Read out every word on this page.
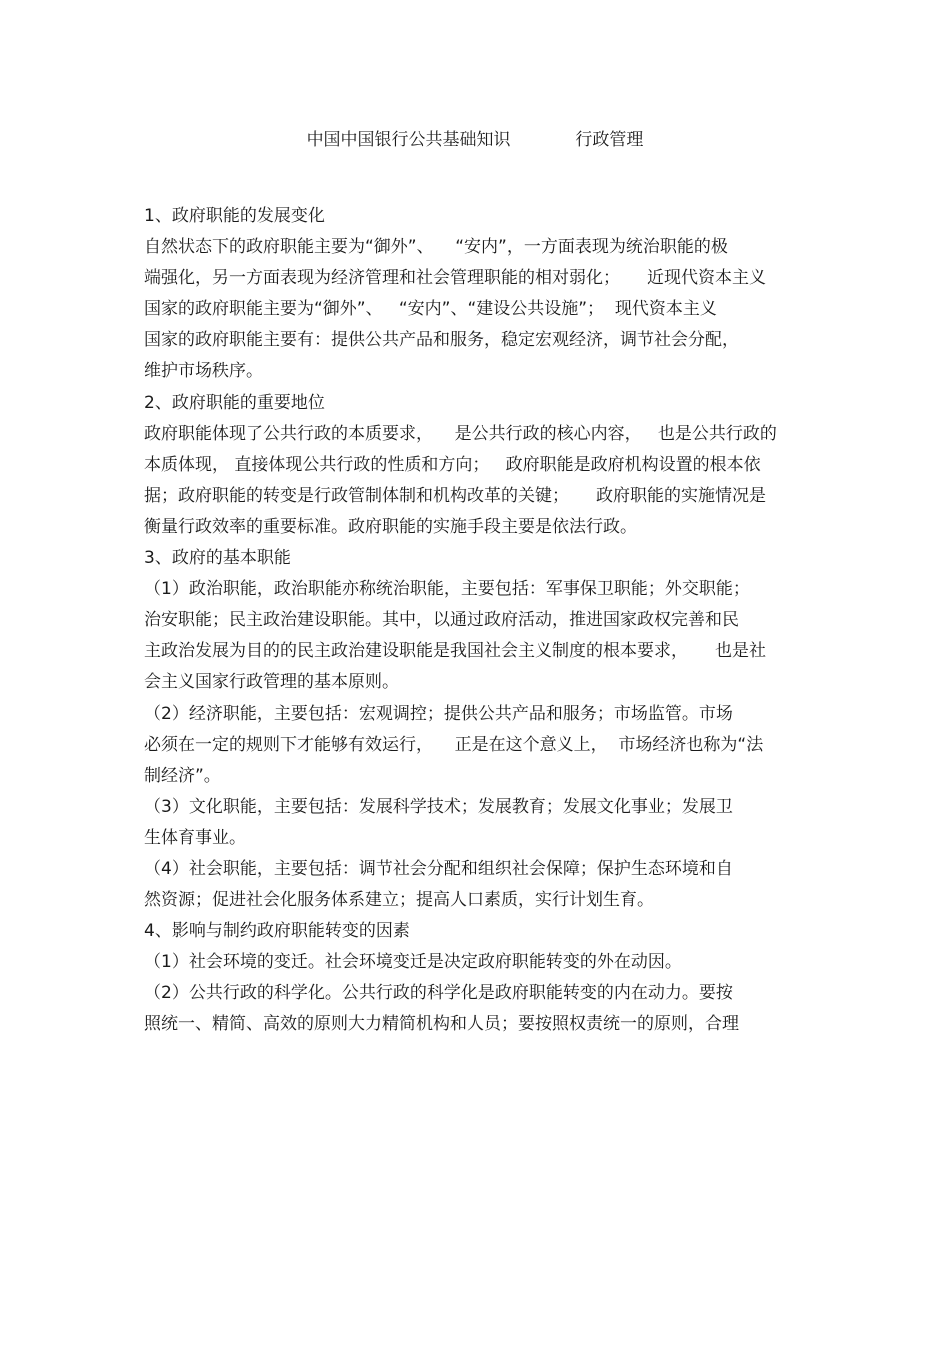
中国中国银行公共基础知识            行政管理
1、政府职能的发展变化
自然状态下的政府职能主要为“御外”、    “安内”，一方面表现为统治职能的极
端强化，另一方面表现为经济管理和社会管理职能的相对弱化；     近现代资本主义
国家的政府职能主要为“御外”、   “安内”、“建设公共设施”；  现代资本主义
国家的政府职能主要有：提供公共产品和服务，稳定宏观经济，调节社会分配，
维护市场秩序。
2、政府职能的重要地位
政府职能体现了公共行政的本质要求，    是公共行政的核心内容，   也是公共行政的
本质体现， 直接体现公共行政的性质和方向；   政府职能是政府机构设置的根本依
据；政府职能的转变是行政管制体制和机构改革的关键；     政府职能的实施情况是
衡量行政效率的重要标准。政府职能的实施手段主要是依法行政。
3、政府的基本职能
（1）政治职能，政治职能亦称统治职能，主要包括：军事保卫职能；外交职能；
治安职能；民主政治建设职能。其中，以通过政府活动，推进国家政权完善和民
主政治发展为目的的民主政治建设职能是我国社会主义制度的根本要求，     也是社
会主义国家行政管理的基本原则。
（2）经济职能，主要包括：宏观调控；提供公共产品和服务；市场监管。市场
必须在一定的规则下才能够有效运行，    正是在这个意义上，  市场经济也称为“法
制经济”。
（3）文化职能，主要包括：发展科学技术；发展教育；发展文化事业；发展卫
生体育事业。
（4）社会职能，主要包括：调节社会分配和组织社会保障；保护生态环境和自
然资源；促进社会化服务体系建立；提高人口素质，实行计划生育。
4、影响与制约政府职能转变的因素
（1）社会环境的变迁。社会环境变迁是决定政府职能转变的外在动因。
（2）公共行政的科学化。公共行政的科学化是政府职能转变的内在动力。要按
照统一、精简、高效的原则大力精简机构和人员；要按照权责统一的原则，合理
